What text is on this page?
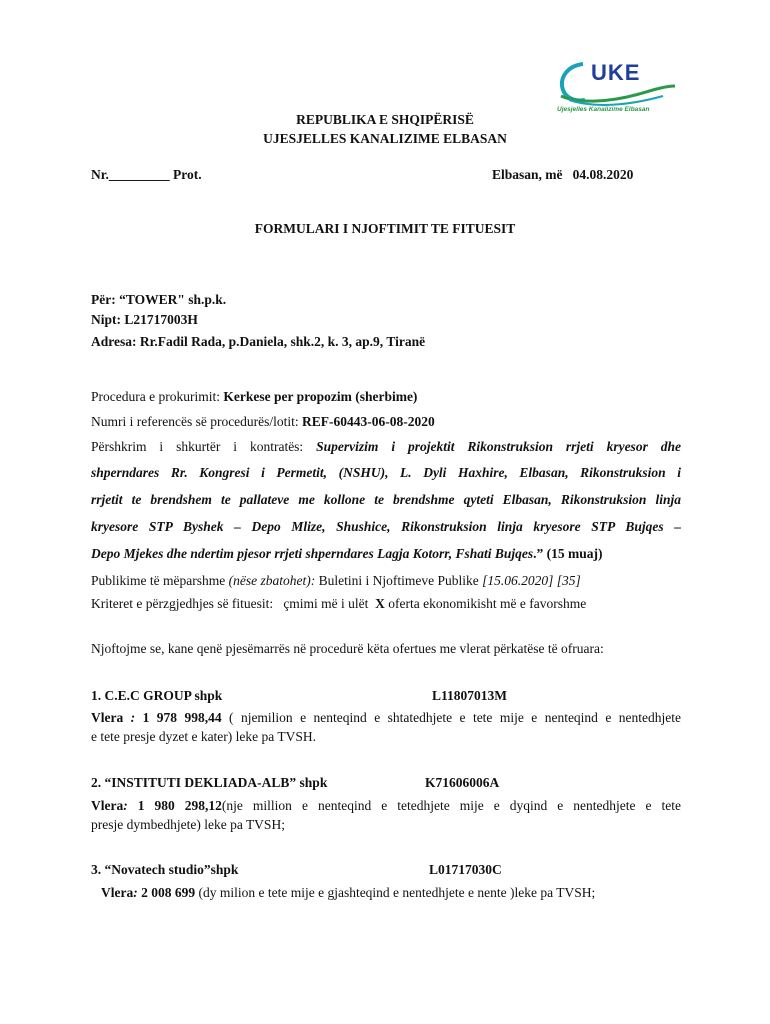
UKE
Ujesjelles Kanalizime Elbasan
REPUBLIKA E SHQIPËRISË
UJESJELLES KANALIZIME ELBASAN
Nr._________ Prot.	Elbasan, më 04.08.2020
FORMULARI I NJOFTIMIT TE FITUESIT
Për: “TOWER" sh.p.k.
Nipt: L21717003H
Adresa: Rr.Fadil Rada, p.Daniela, shk.2, k. 3, ap.9, Tiranë
Procedura e prokurimit: Kerkese per propozim (sherbime)
Numri i referencës së procedurës/lotit: REF-60443-06-08-2020
Përshkrim i shkurtër i kontratës: Supervizim i projektit Rikonstruksion rrjeti kryesor dhe
shperndares Rr. Kongresi i Permetit, (NSHU), L. Dyli Haxhire, Elbasan, Rikonstruksion i
rrjetit te brendshem te pallateve me kollone te brendshme qyteti Elbasan, Rikonstruksion linja
kryesore STP Byshek – Depo Mlize, Shushice, Rikonstruksion linja kryesore STP Bujqes –
Depo Mjekes dhe ndertim pjesor rrjeti shperndares Lagja Kotorr, Fshati Bujqes.” (15 muaj)
Publikime të mëparshme (nëse zbatohet): Buletini i Njoftimeve Publike [15.06.2020] [35]
Kriteret e përzgjedhjes së fituesit: çmimi më i ulët X oferta ekonomikisht më e favorshme
Njoftojme se, kane qenë pjesëmarrës në procedurë këta ofertues me vlerat përkatëse të ofruara:
1. C.E.C GROUP shpk	L11807013M
Vlera : 1 978 998,44 ( njemilion e nenteqind e shtatedhjete e tete mije e nenteqind e nentedhjete
e tete presje dyzet e kater) leke pa TVSH.
2. “INSTITUTI DEKLIADA-ALB” shpk	K71606006A
Vlera: 1 980 298,12(nje million e nenteqind e tetedhjete mije e dyqind e nentedhjete e tete
presje dymbedhjete) leke pa TVSH;
3. “Novatech studio”shpk	L01717030C
Vlera: 2 008 699 (dy milion e tete mije e gjashteqind e nentedhjete e nente )leke pa TVSH;
